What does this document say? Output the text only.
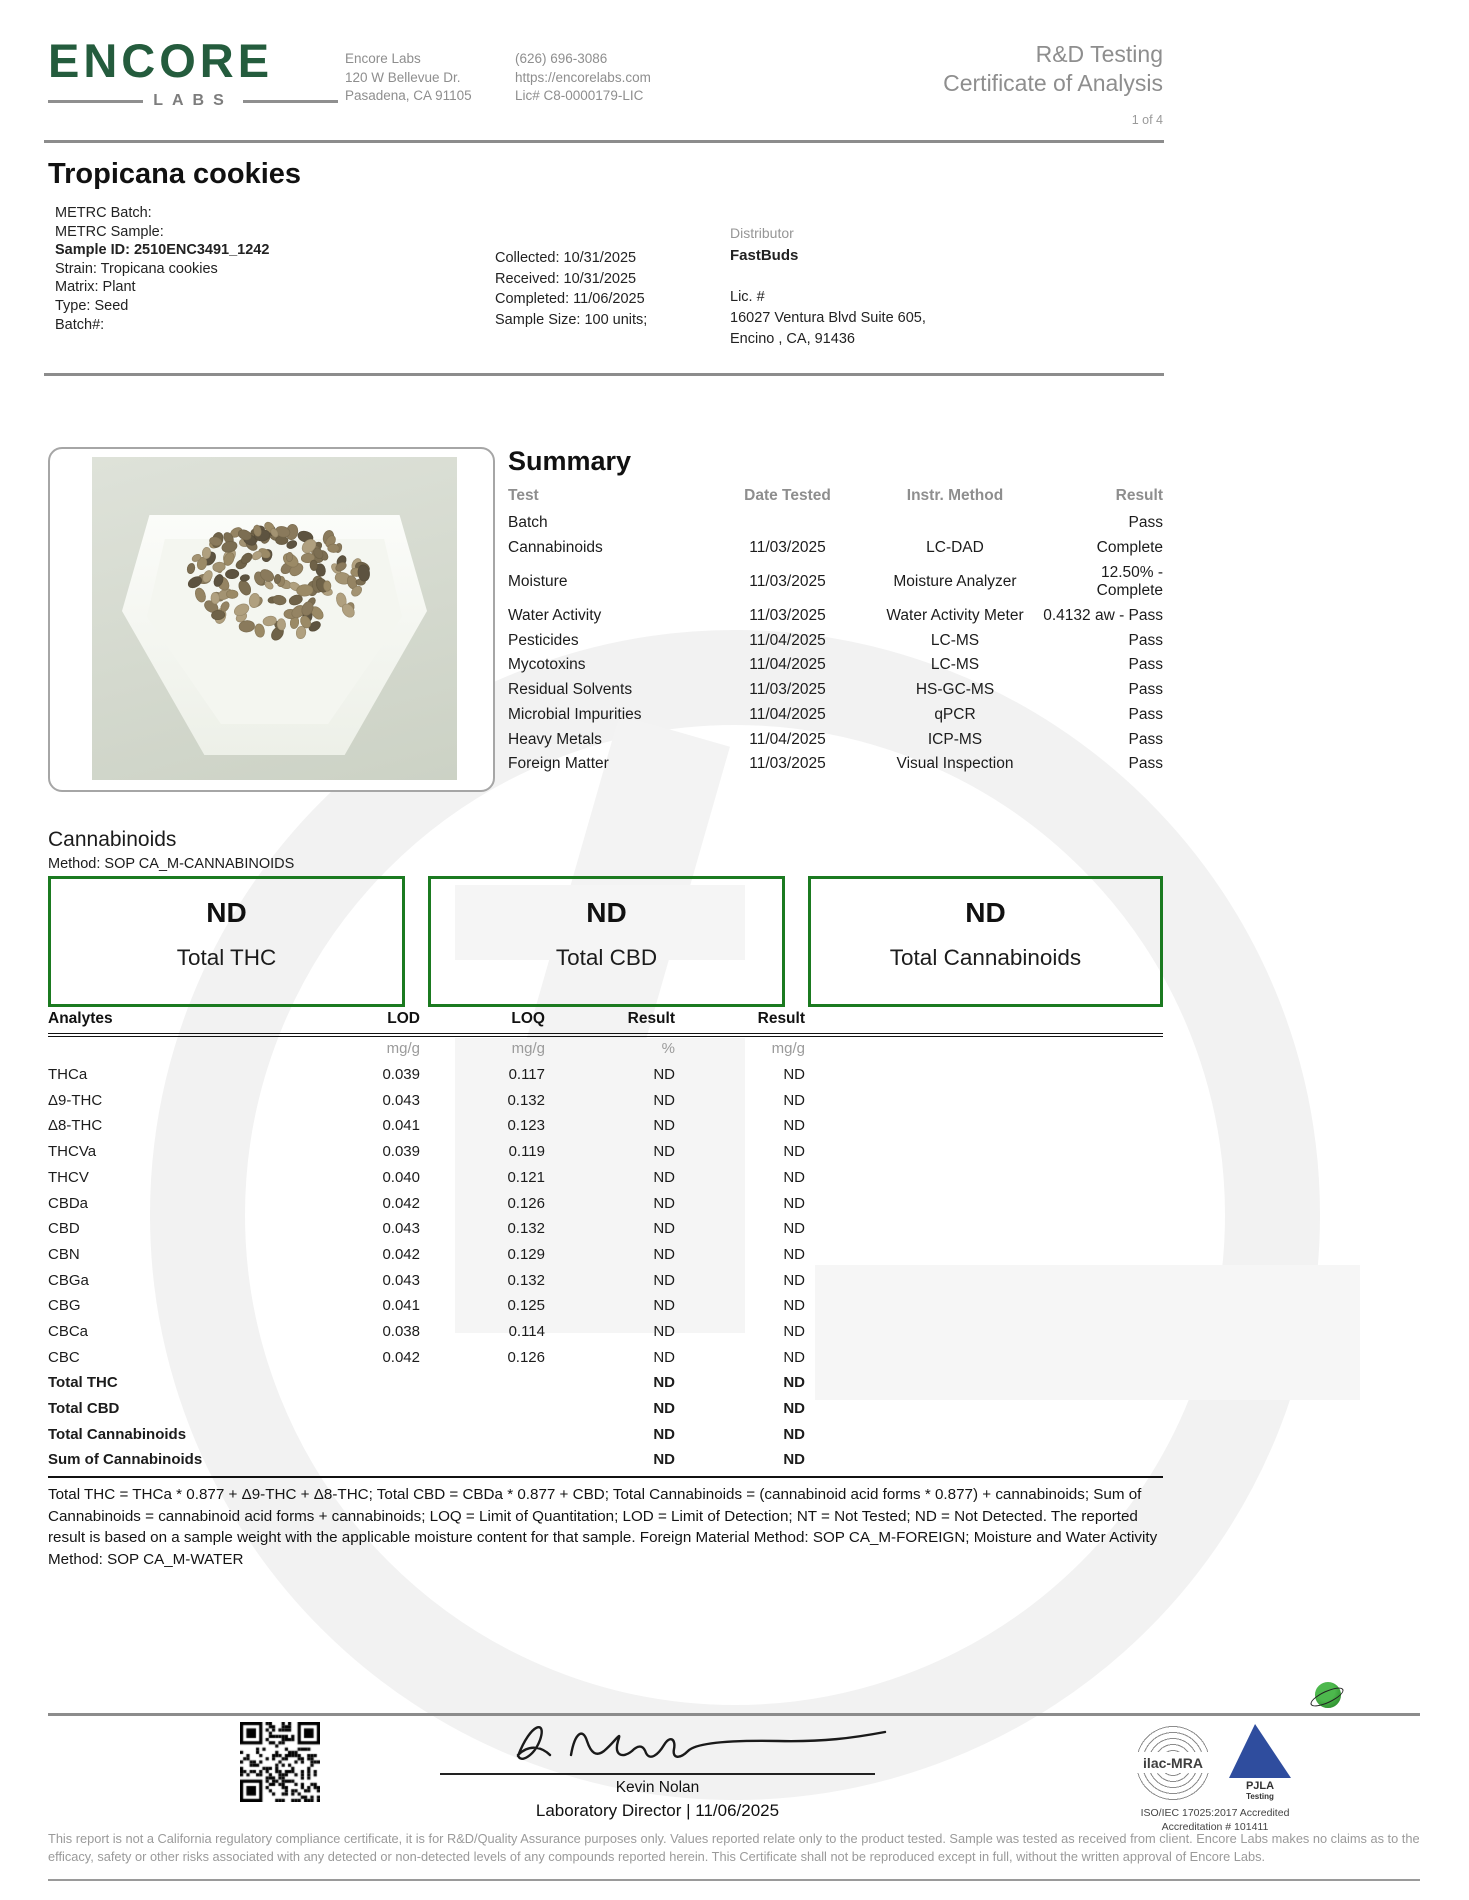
ENCORE
LABS
Encore Labs
120 W Bellevue Dr.
Pasadena, CA 91105
(626) 696-3086
https://encorelabs.com
Lic# C8-0000179-LIC
R&D Testing
Certificate of Analysis
1 of 4
Tropicana cookies
METRC Batch:
METRC Sample:
Sample ID: 2510ENC3491_1242
Strain: Tropicana cookies
Matrix: Plant
Type: Seed
Batch#:
Collected: 10/31/2025
Received: 10/31/2025
Completed: 11/06/2025
Sample Size: 100 units;
Distributor
FastBuds
Lic. #
16027 Ventura Blvd Suite 605,
Encino , CA, 91436
Summary
Test	Date Tested	Instr. Method	Result
Batch			Pass
Cannabinoids	11/03/2025	LC-DAD	Complete
Moisture	11/03/2025	Moisture Analyzer	12.50% - Complete
Water Activity	11/03/2025	Water Activity Meter	0.4132 aw - Pass
Pesticides	11/04/2025	LC-MS	Pass
Mycotoxins	11/04/2025	LC-MS	Pass
Residual Solvents	11/03/2025	HS-GC-MS	Pass
Microbial Impurities	11/04/2025	qPCR	Pass
Heavy Metals	11/04/2025	ICP-MS	Pass
Foreign Matter	11/03/2025	Visual Inspection	Pass
Cannabinoids
Method: SOP CA_M-CANNABINOIDS
ND
Total THC
ND
Total CBD
ND
Total Cannabinoids
Analytes	LOD	LOQ	Result	Result	
	mg/g	mg/g	%	mg/g	
THCa	0.039	0.117	ND	ND	
Δ9-THC	0.043	0.132	ND	ND	
Δ8-THC	0.041	0.123	ND	ND	
THCVa	0.039	0.119	ND	ND	
THCV	0.040	0.121	ND	ND	
CBDa	0.042	0.126	ND	ND	
CBD	0.043	0.132	ND	ND	
CBN	0.042	0.129	ND	ND	
CBGa	0.043	0.132	ND	ND	
CBG	0.041	0.125	ND	ND	
CBCa	0.038	0.114	ND	ND	
CBC	0.042	0.126	ND	ND	
Total THC			ND	ND	
Total CBD			ND	ND	
Total Cannabinoids			ND	ND	
Sum of Cannabinoids			ND	ND	
Total THC = THCa * 0.877 + Δ9-THC + Δ8-THC; Total CBD = CBDa * 0.877 + CBD; Total Cannabinoids = (cannabinoid acid forms * 0.877) + cannabinoids; Sum of Cannabinoids = cannabinoid acid forms + cannabinoids; LOQ = Limit of Quantitation; LOD = Limit of Detection; NT = Not Tested; ND = Not Detected. The reported result is based on a sample weight with the applicable moisture content for that sample. Foreign Material Method: SOP CA_M-FOREIGN; Moisture and Water Activity Method: SOP CA_M-WATER
Kevin Nolan
Laboratory Director | 11/06/2025
ilac-MRA
PJLA
Testing
ISO/IEC 17025:2017 Accredited
Accreditation # 101411
This report is not a California regulatory compliance certificate, it is for R&D/Quality Assurance purposes only. Values reported relate only to the product tested. Sample was tested as received from client. Encore Labs makes no claims as to the efficacy, safety or other risks associated with any detected or non-detected levels of any compounds reported herein. This Certificate shall not be reproduced except in full, without the written approval of Encore Labs.
